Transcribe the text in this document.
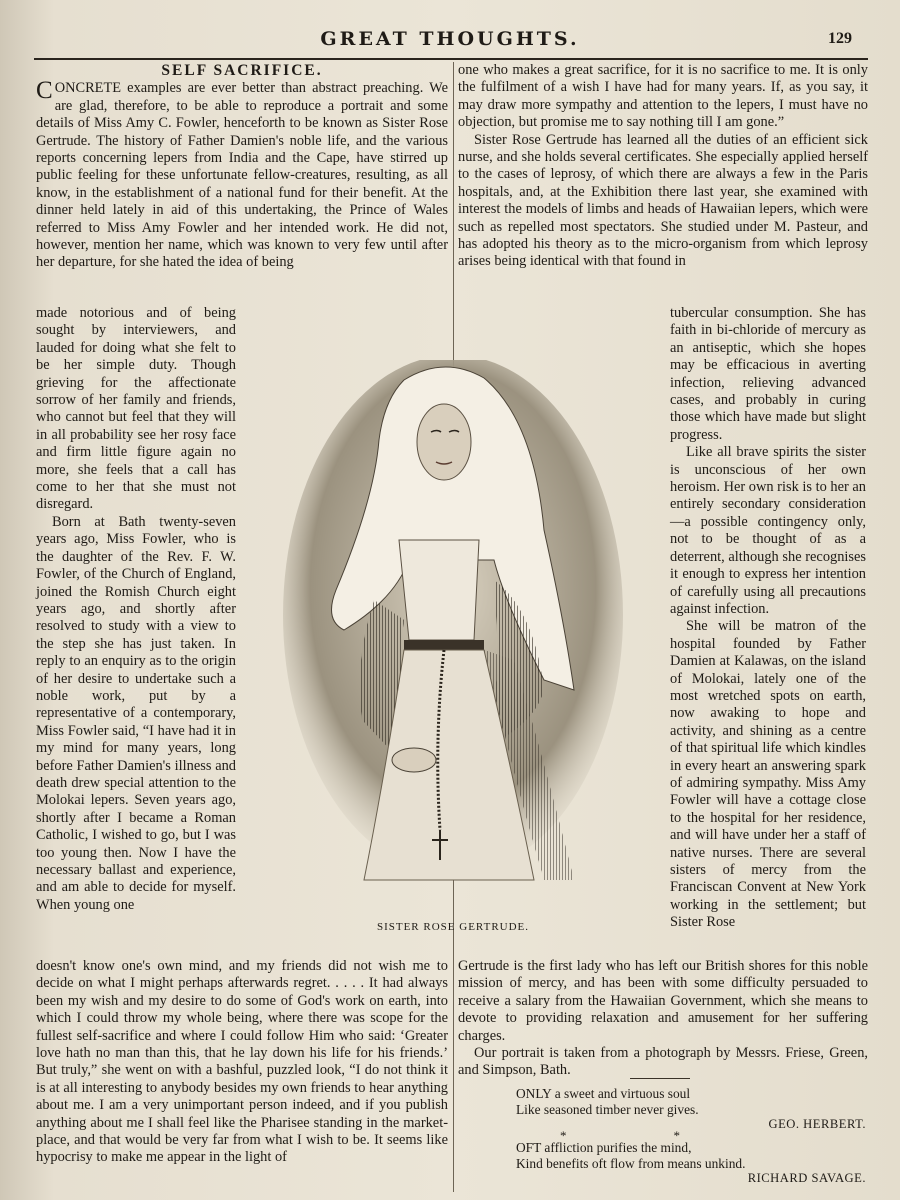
GREAT THOUGHTS.	129
SELF SACRIFICE.

CONCRETE examples are ever better than abstract preaching. We are glad, therefore, to be able to reproduce a portrait and some details of Miss Amy C. Fowler, henceforth to be known as Sister Rose Gertrude. The history of Father Damien's noble life, and the various reports concerning lepers from India and the Cape, have stirred up public feeling for these unfortunate fellow-creatures, resulting, as all know, in the establishment of a national fund for their benefit. At the dinner held lately in aid of this undertaking, the Prince of Wales referred to Miss Amy Fowler and her intended work. He did not, however, mention her name, which was known to very few until after her departure, for she hated the idea of being

made notorious and of being sought by interviewers, and lauded for doing what she felt to be her simple duty. Though grieving for the affectionate sorrow of her family and friends, who cannot but feel that they will in all probability see her rosy face and firm little figure again no more, she feels that a call has come to her that she must not disregard.

Born at Bath twenty-seven years ago, Miss Fowler, who is the daughter of the Rev. F. W. Fowler, of the Church of England, joined the Romish Church eight years ago, and shortly after resolved to study with a view to the step she has just taken. In reply to an enquiry as to the origin of her desire to undertake such a noble work, put by a representative of a contemporary, Miss Fowler said, “I have had it in my mind for many years, long before Father Damien's illness and death drew special attention to the Molokai lepers. Seven years ago, shortly after I became a Roman Catholic, I wished to go, but I was too young then. Now I have the necessary ballast and experience, and am able to decide for myself. When young one

doesn't know one's own mind, and my friends did not wish me to decide on what I might perhaps afterwards regret. . . . . It had always been my wish and my desire to do some of God's work on earth, into which I could throw my whole being, where there was scope for the fullest self-sacrifice and where I could follow Him who said: ‘Greater love hath no man than this, that he lay down his life for his friends.’ But truly,” she went on with a bashful, puzzled look, “I do not think it is at all interesting to anybody besides my own friends to hear anything about me. I am a very unimportant person indeed, and if you publish anything about me I shall feel like the Pharisee standing in the market-place, and that would be very far from what I wish to be. It seems like hypocrisy to make me appear in the light of

one who makes a great sacrifice, for it is no sacrifice to me. It is only the fulfilment of a wish I have had for many years. If, as you say, it may draw more sympathy and attention to the lepers, I must have no objection, but promise me to say nothing till I am gone.”

Sister Rose Gertrude has learned all the duties of an efficient sick nurse, and she holds several certificates. She especially applied herself to the cases of leprosy, of which there are always a few in the Paris hospitals, and, at the Exhibition there last year, she examined with interest the models of limbs and heads of Hawaiian lepers, which were such as repelled most spectators. She studied under M. Pasteur, and has adopted his theory as to the micro-organism from which leprosy arises being identical with that found in

tubercular consumption. She has faith in bi-chloride of mercury as an antiseptic, which she hopes may be efficacious in averting infection, relieving advanced cases, and probably in curing those which have made but slight progress.

Like all brave spirits the sister is unconscious of her own heroism. Her own risk is to her an entirely secondary consideration—a possible contingency only, not to be thought of as a deterrent, although she recognises it enough to express her intention of carefully using all precautions against infection.

She will be matron of the hospital founded by Father Damien at Kalawas, on the island of Molokai, lately one of the most wretched spots on earth, now awaking to hope and activity, and shining as a centre of that spiritual life which kindles in every heart an answering spark of admiring sympathy. Miss Amy Fowler will have a cottage close to the hospital for her residence, and will have under her a staff of native nurses. There are several sisters of mercy from the Franciscan Convent at New York working in the settlement; but Sister Rose

Gertrude is the first lady who has left our British shores for this noble mission of mercy, and has been with some difficulty persuaded to receive a salary from the Hawaiian Government, which she means to devote to providing relaxation and amusement for her suffering charges.

Our portrait is taken from a photograph by Messrs. Friese, Green, and Simpson, Bath.

SISTER ROSE GERTRUDE.
ONLY a sweet and virtuous soul
Like seasoned timber never gives.
GEO. HERBERT.
*	*
OFT affliction purifies the mind,
Kind benefits oft flow from means unkind.
RICHARD SAVAGE.
